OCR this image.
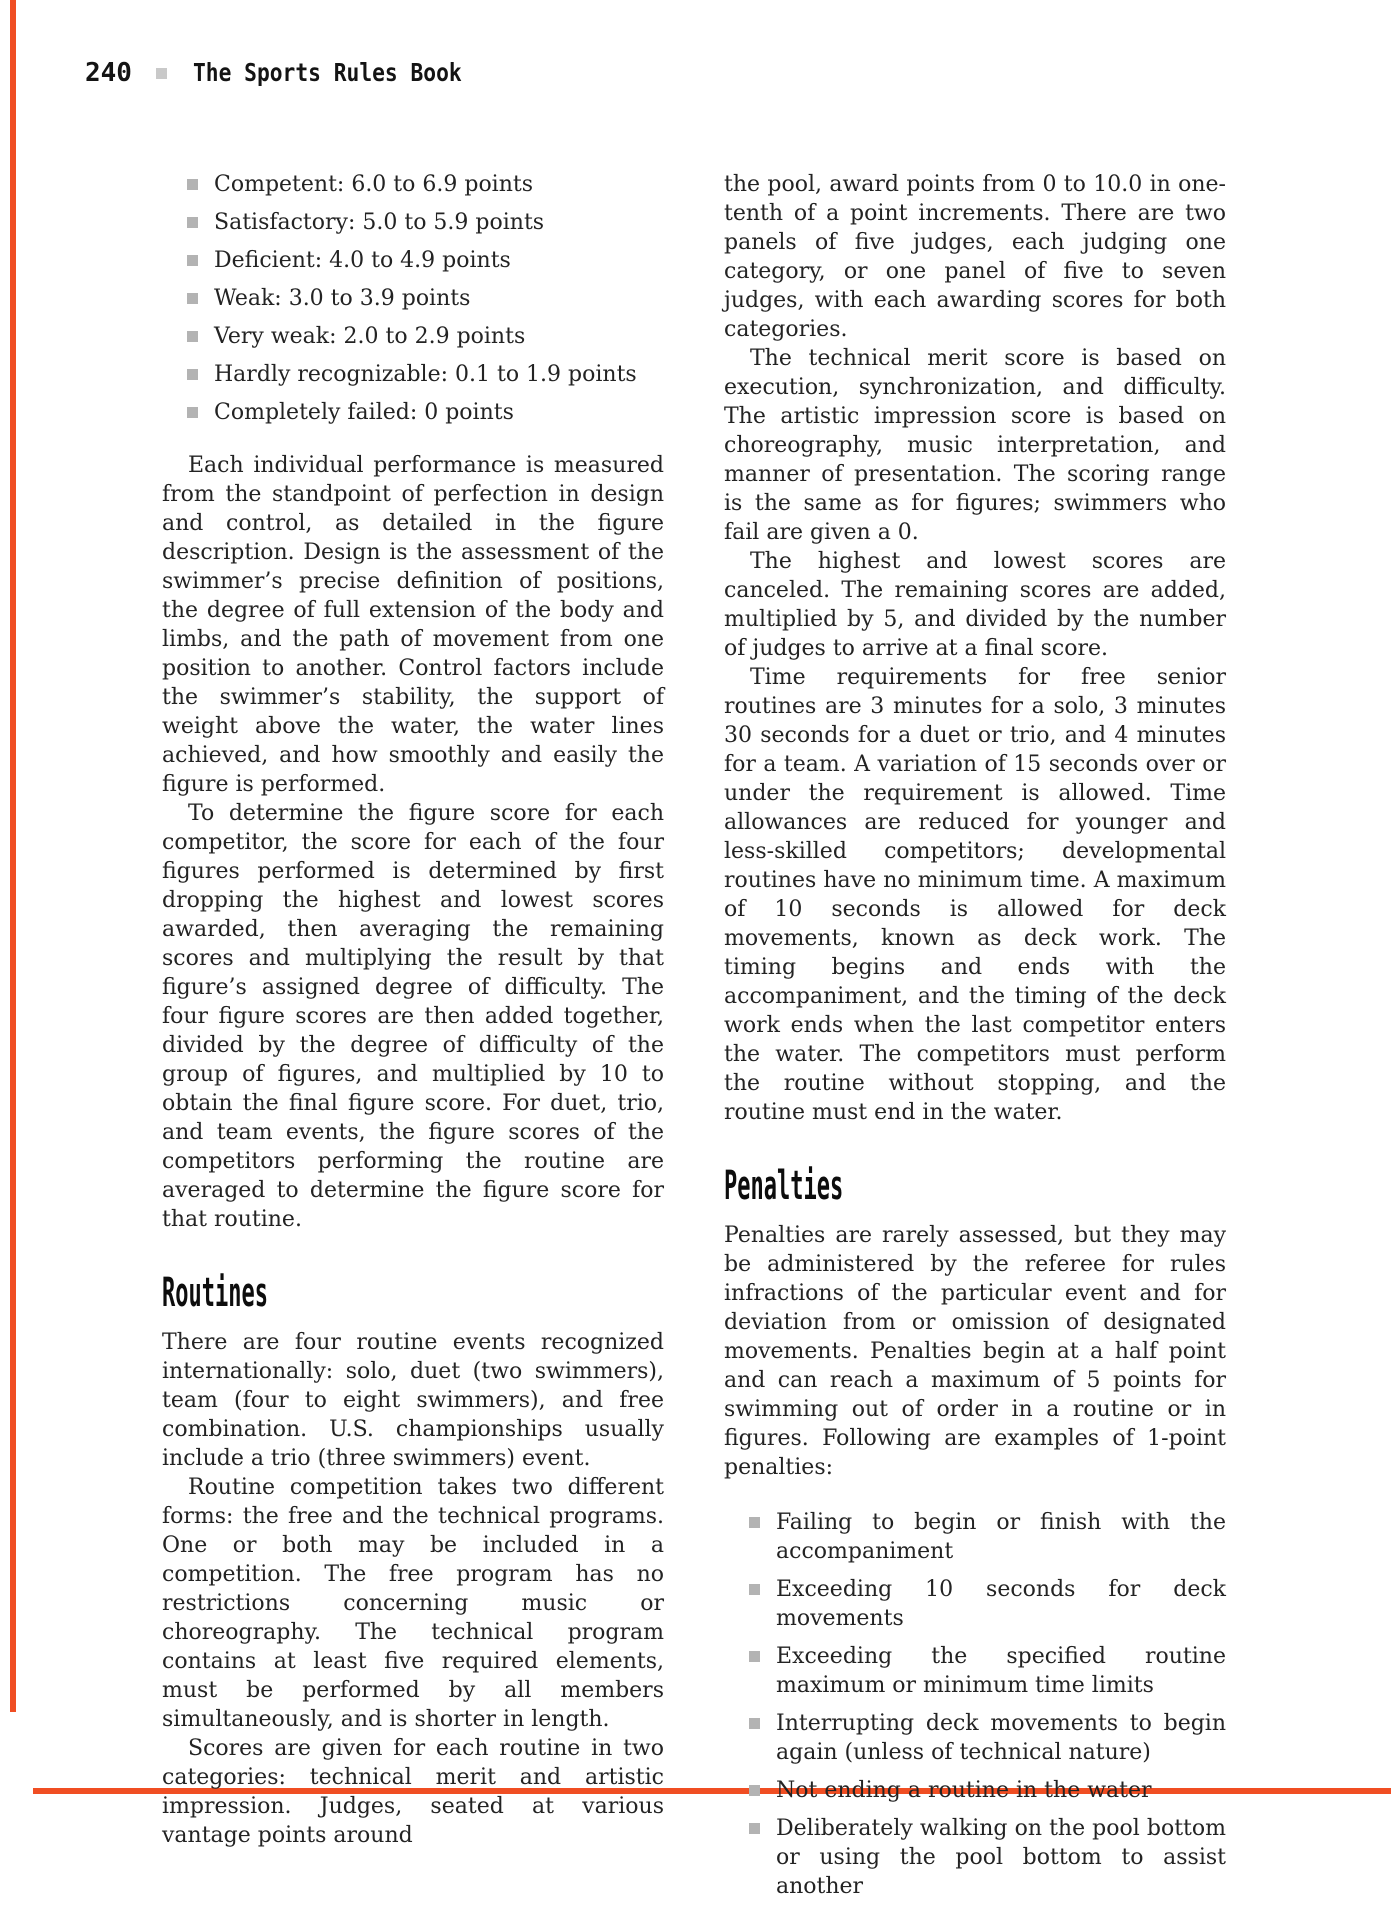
240 The Sports Rules Book
Competent: 6.0 to 6.9 points
Satisfactory: 5.0 to 5.9 points
Deficient: 4.0 to 4.9 points
Weak: 3.0 to 3.9 points
Very weak: 2.0 to 2.9 points
Hardly recognizable: 0.1 to 1.9 points
Completely failed: 0 points

Each individual performance is measured from the standpoint of perfection in design and control, as detailed in the figure description. Design is the assessment of the swimmer’s precise definition of positions, the degree of full extension of the body and limbs, and the path of movement from one position to another. Control factors include the swimmer’s stability, the support of weight above the water, the water lines achieved, and how smoothly and easily the figure is performed.

To determine the figure score for each competitor, the score for each of the four figures performed is determined by first dropping the highest and lowest scores awarded, then averaging the remaining scores and multiplying the result by that figure’s assigned degree of difficulty. The four figure scores are then added together, divided by the degree of difficulty of the group of figures, and multiplied by 10 to obtain the final figure score. For duet, trio, and team events, the figure scores of the competitors performing the routine are averaged to determine the figure score for that routine.

Routines

There are four routine events recognized internationally: solo, duet (two swimmers), team (four to eight swimmers), and free combination. U.S. championships usually include a trio (three swimmers) event.

Routine competition takes two different forms: the free and the technical programs. One or both may be included in a competition. The free program has no restrictions concerning music or choreography. The technical program contains at least five required elements, must be performed by all members simultaneously, and is shorter in length.

Scores are given for each routine in two categories: technical merit and artistic impression. Judges, seated at various vantage points around

the pool, award points from 0 to 10.0 in one-tenth of a point increments. There are two panels of five judges, each judging one category, or one panel of five to seven judges, with each awarding scores for both categories.

The technical merit score is based on execution, synchronization, and difficulty. The artistic impression score is based on choreography, music interpretation, and manner of presentation. The scoring range is the same as for figures; swimmers who fail are given a 0.

The highest and lowest scores are canceled. The remaining scores are added, multiplied by 5, and divided by the number of judges to arrive at a final score.

Time requirements for free senior routines are 3 minutes for a solo, 3 minutes 30 seconds for a duet or trio, and 4 minutes for a team. A variation of 15 seconds over or under the requirement is allowed. Time allowances are reduced for younger and less-skilled competitors; developmental routines have no minimum time. A maximum of 10 seconds is allowed for deck movements, known as deck work. The timing begins and ends with the accompaniment, and the timing of the deck work ends when the last competitor enters the water. The competitors must perform the routine without stopping, and the routine must end in the water.

Penalties

Penalties are rarely assessed, but they may be administered by the referee for rules infractions of the particular event and for deviation from or omission of designated movements. Penalties begin at a half point and can reach a maximum of 5 points for swimming out of order in a routine or in figures. Following are examples of 1-point penalties:

Failing to begin or finish with the accompaniment
Exceeding 10 seconds for deck movements
Exceeding the specified routine maximum or minimum time limits
Interrupting deck movements to begin again (unless of technical nature)
Not ending a routine in the water
Deliberately walking on the pool bottom or using the pool bottom to assist another
